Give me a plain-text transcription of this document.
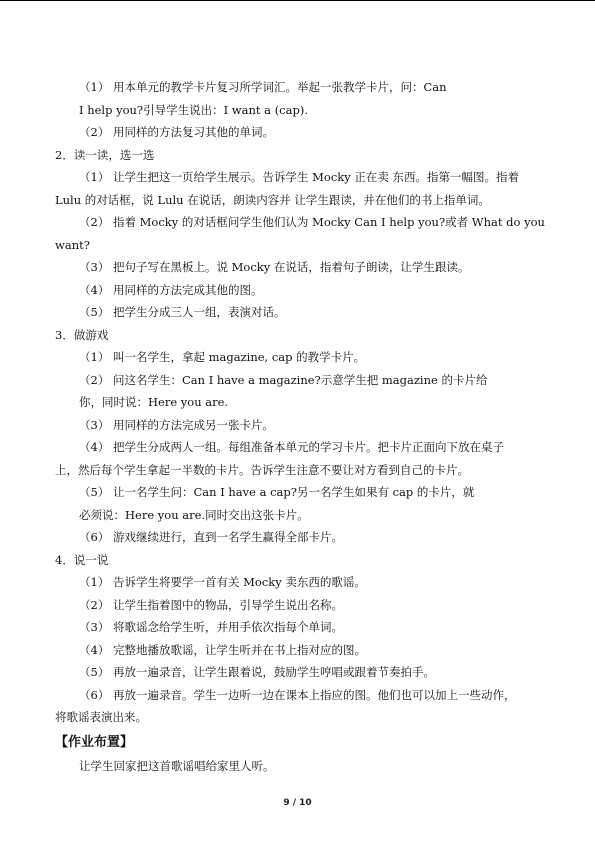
（1） 用本单元的教学卡片复习所学词汇。举起一张教学卡片，问：Can
I help you?引导学生说出：I want a (cap).
（2） 用同样的方法复习其他的单词。
2．读一读，选一选
（1） 让学生把这一页给学生展示。告诉学生 Mocky 正在卖 东西。指第一幅图。指着
Lulu 的对话框，说 Lulu 在说话，朗读内容并 让学生跟读，并在他们的书上指单词。
（2） 指着 Mocky 的对话框问学生他们认为 Mocky Can I help you?或者 What do you
want?
（3） 把句子写在黑板上。说 Mocky 在说话，指着句子朗读，让学生跟读。
（4） 用同样的方法完成其他的图。
（5） 把学生分成三人一组，表演对话。
3．做游戏
（1） 叫一名学生，拿起 magazine, cap 的教学卡片。
（2） 问这名学生：Can I have a magazine?示意学生把 magazine 的卡片给
你，同时说：Here you are.
（3） 用同样的方法完成另一张卡片。
（4） 把学生分成两人一组。每组准备本单元的学习卡片。把卡片正面向下放在桌子
上，然后每个学生拿起一半数的卡片。告诉学生注意不要让对方看到自己的卡片。
（5） 让一名学生问：Can I have a cap?另一名学生如果有 cap 的卡片，就
必须说：Here you are.同时交出这张卡片。
（6） 游戏继续进行，直到一名学生赢得全部卡片。
4．说一说
（1） 告诉学生将要学一首有关 Mocky 卖东西的歌谣。
（2） 让学生指着图中的物品，引导学生说出名称。
（3） 将歌谣念给学生听，并用手依次指每个单词。
（4） 完整地播放歌谣，让学生听并在书上指对应的图。
（5） 再放一遍录音，让学生跟着说，鼓励学生哼唱或跟着节奏拍手。
（6） 再放一遍录音。学生一边听一边在课本上指应的图。他们也可以加上一些动作，
将歌谣表演出来。
【作业布置】
让学生回家把这首歌谣唱给家里人听。
9 / 10
